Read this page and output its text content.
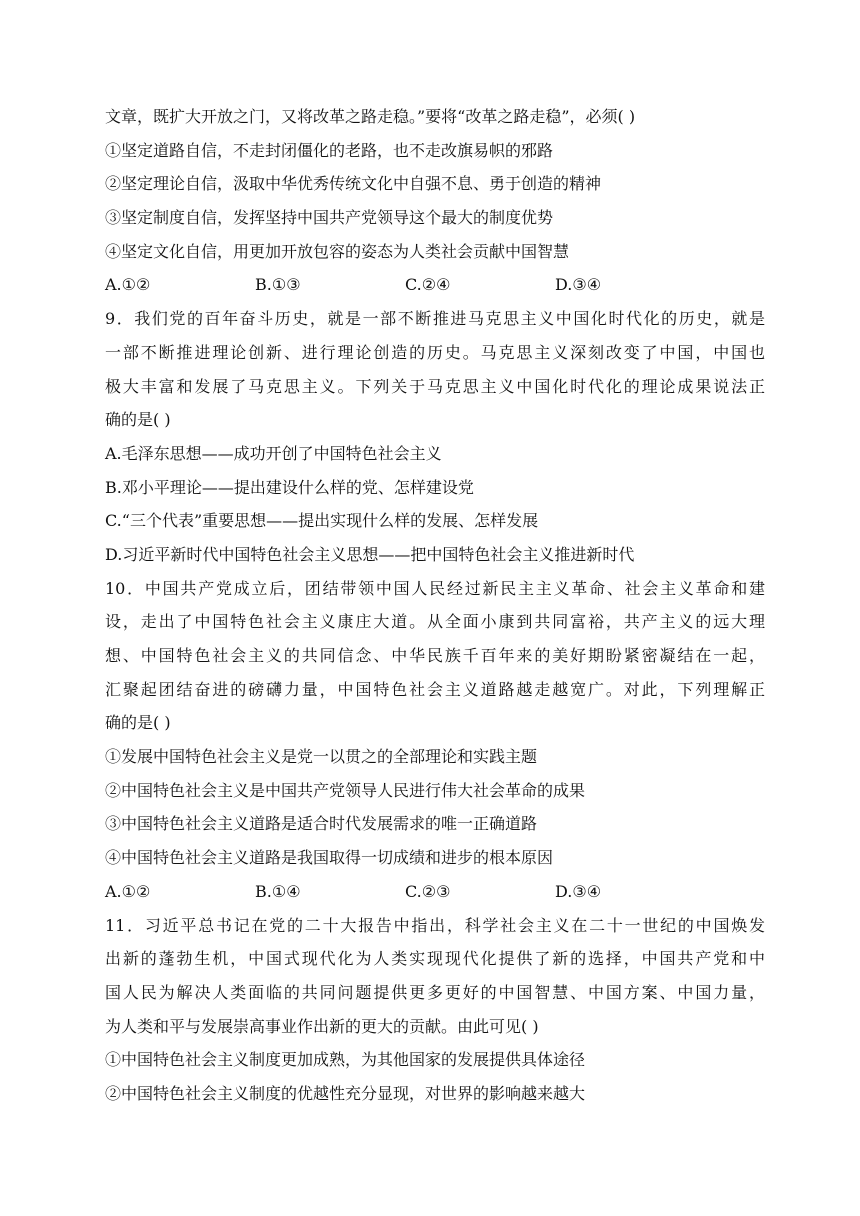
文章，既扩大开放之门，又将改革之路走稳。”要将“改革之路走稳”，必须( )
①坚定道路自信，不走封闭僵化的老路，也不走改旗易帜的邪路
②坚定理论自信，汲取中华优秀传统文化中自强不息、勇于创造的精神
③坚定制度自信，发挥坚持中国共产党领导这个最大的制度优势
④坚定文化自信，用更加开放包容的姿态为人类社会贡献中国智慧
A.①②	B.①③	C.②④	D.③④
9．我们党的百年奋斗历史，就是一部不断推进马克思主义中国化时代化的历史，就是
一部不断推进理论创新、进行理论创造的历史。马克思主义深刻改变了中国，中国也
极大丰富和发展了马克思主义。下列关于马克思主义中国化时代化的理论成果说法正
确的是( )
A.毛泽东思想——成功开创了中国特色社会主义
B.邓小平理论——提出建设什么样的党、怎样建设党
C.“三个代表”重要思想——提出实现什么样的发展、怎样发展
D.习近平新时代中国特色社会主义思想——把中国特色社会主义推进新时代
10．中国共产党成立后，团结带领中国人民经过新民主主义革命、社会主义革命和建
设，走出了中国特色社会主义康庄大道。从全面小康到共同富裕，共产主义的远大理
想、中国特色社会主义的共同信念、中华民族千百年来的美好期盼紧密凝结在一起，
汇聚起团结奋进的磅礴力量，中国特色社会主义道路越走越宽广。对此，下列理解正
确的是( )
①发展中国特色社会主义是党一以贯之的全部理论和实践主题
②中国特色社会主义是中国共产党领导人民进行伟大社会革命的成果
③中国特色社会主义道路是适合时代发展需求的唯一正确道路
④中国特色社会主义道路是我国取得一切成绩和进步的根本原因
A.①②	B.①④	C.②③	D.③④
11．习近平总书记在党的二十大报告中指出，科学社会主义在二十一世纪的中国焕发
出新的蓬勃生机，中国式现代化为人类实现现代化提供了新的选择，中国共产党和中
国人民为解决人类面临的共同问题提供更多更好的中国智慧、中国方案、中国力量，
为人类和平与发展崇高事业作出新的更大的贡献。由此可见( )
①中国特色社会主义制度更加成熟，为其他国家的发展提供具体途径
②中国特色社会主义制度的优越性充分显现，对世界的影响越来越大
